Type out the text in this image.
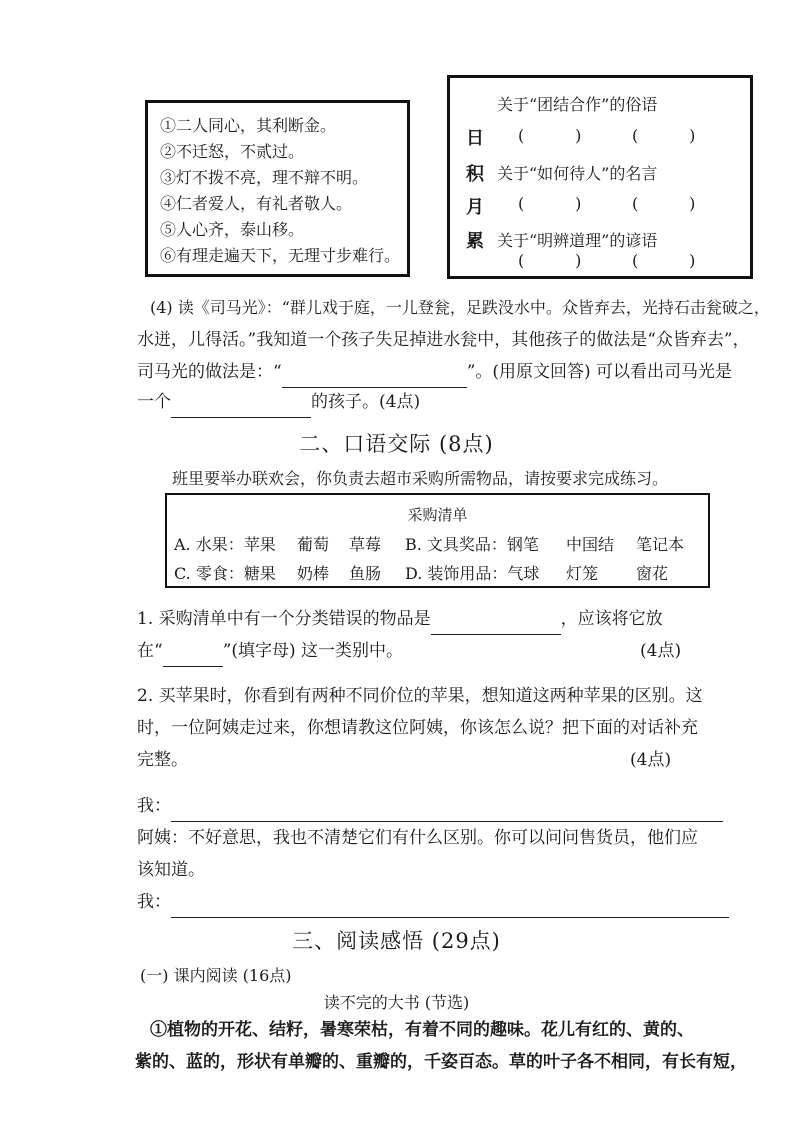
①二人同心，其利断金。
②不迁怒，不贰过。
③灯不拨不亮，理不辩不明。
④仁者爱人，有礼者敬人。
⑤人心齐，泰山移。
⑥有理走遍天下，无理寸步难行。
关于“团结合作”的俗语
日 (          )	(          )
积 关于“如何待人”的名言
月 (          )	(          )
累 关于“明辨道理”的谚语
(          )	(          )
(4) 读《司马光》：“群儿戏于庭，一儿登瓮，足跌没水中。众皆弃去，光持石击瓮破之，
水迸，儿得活。”我知道一个孩子失足掉进水瓮中，其他孩子的做法是“众皆弃去”，
司马光的做法是：“	”。(用原文回答) 可以看出司马光是
一个	的孩子。(4点)
二、口语交际 (8点)
班里要举办联欢会，你负责去超市采购所需物品，请按要求完成练习。
采购清单
A. 水果：苹果 葡萄 草莓 B. 文具奖品：钢笔 中国结 笔记本
C. 零食：糖果 奶棒 鱼肠 D. 装饰用品：气球 灯笼 窗花
1. 采购清单中有一个分类错误的物品是	，应该将它放
在“	”(填字母) 这一类别中。	(4点)
2. 买苹果时，你看到有两种不同价位的苹果，想知道这两种苹果的区别。这
时，一位阿姨走过来，你想请教这位阿姨，你该怎么说？把下面的对话补充
完整。	(4点)
我：
阿姨：不好意思，我也不清楚它们有什么区别。你可以问问售货员，他们应
该知道。
我：
三、阅读感悟 (29点)
(一) 课内阅读 (16点)
读不完的大书 (节选)
①植物的开花、结籽，暑寒荣枯，有着不同的趣味。花儿有红的、黄的、
紫的、蓝的，形状有单瓣的、重瓣的，千姿百态。草的叶子各不相同，有长有短，
